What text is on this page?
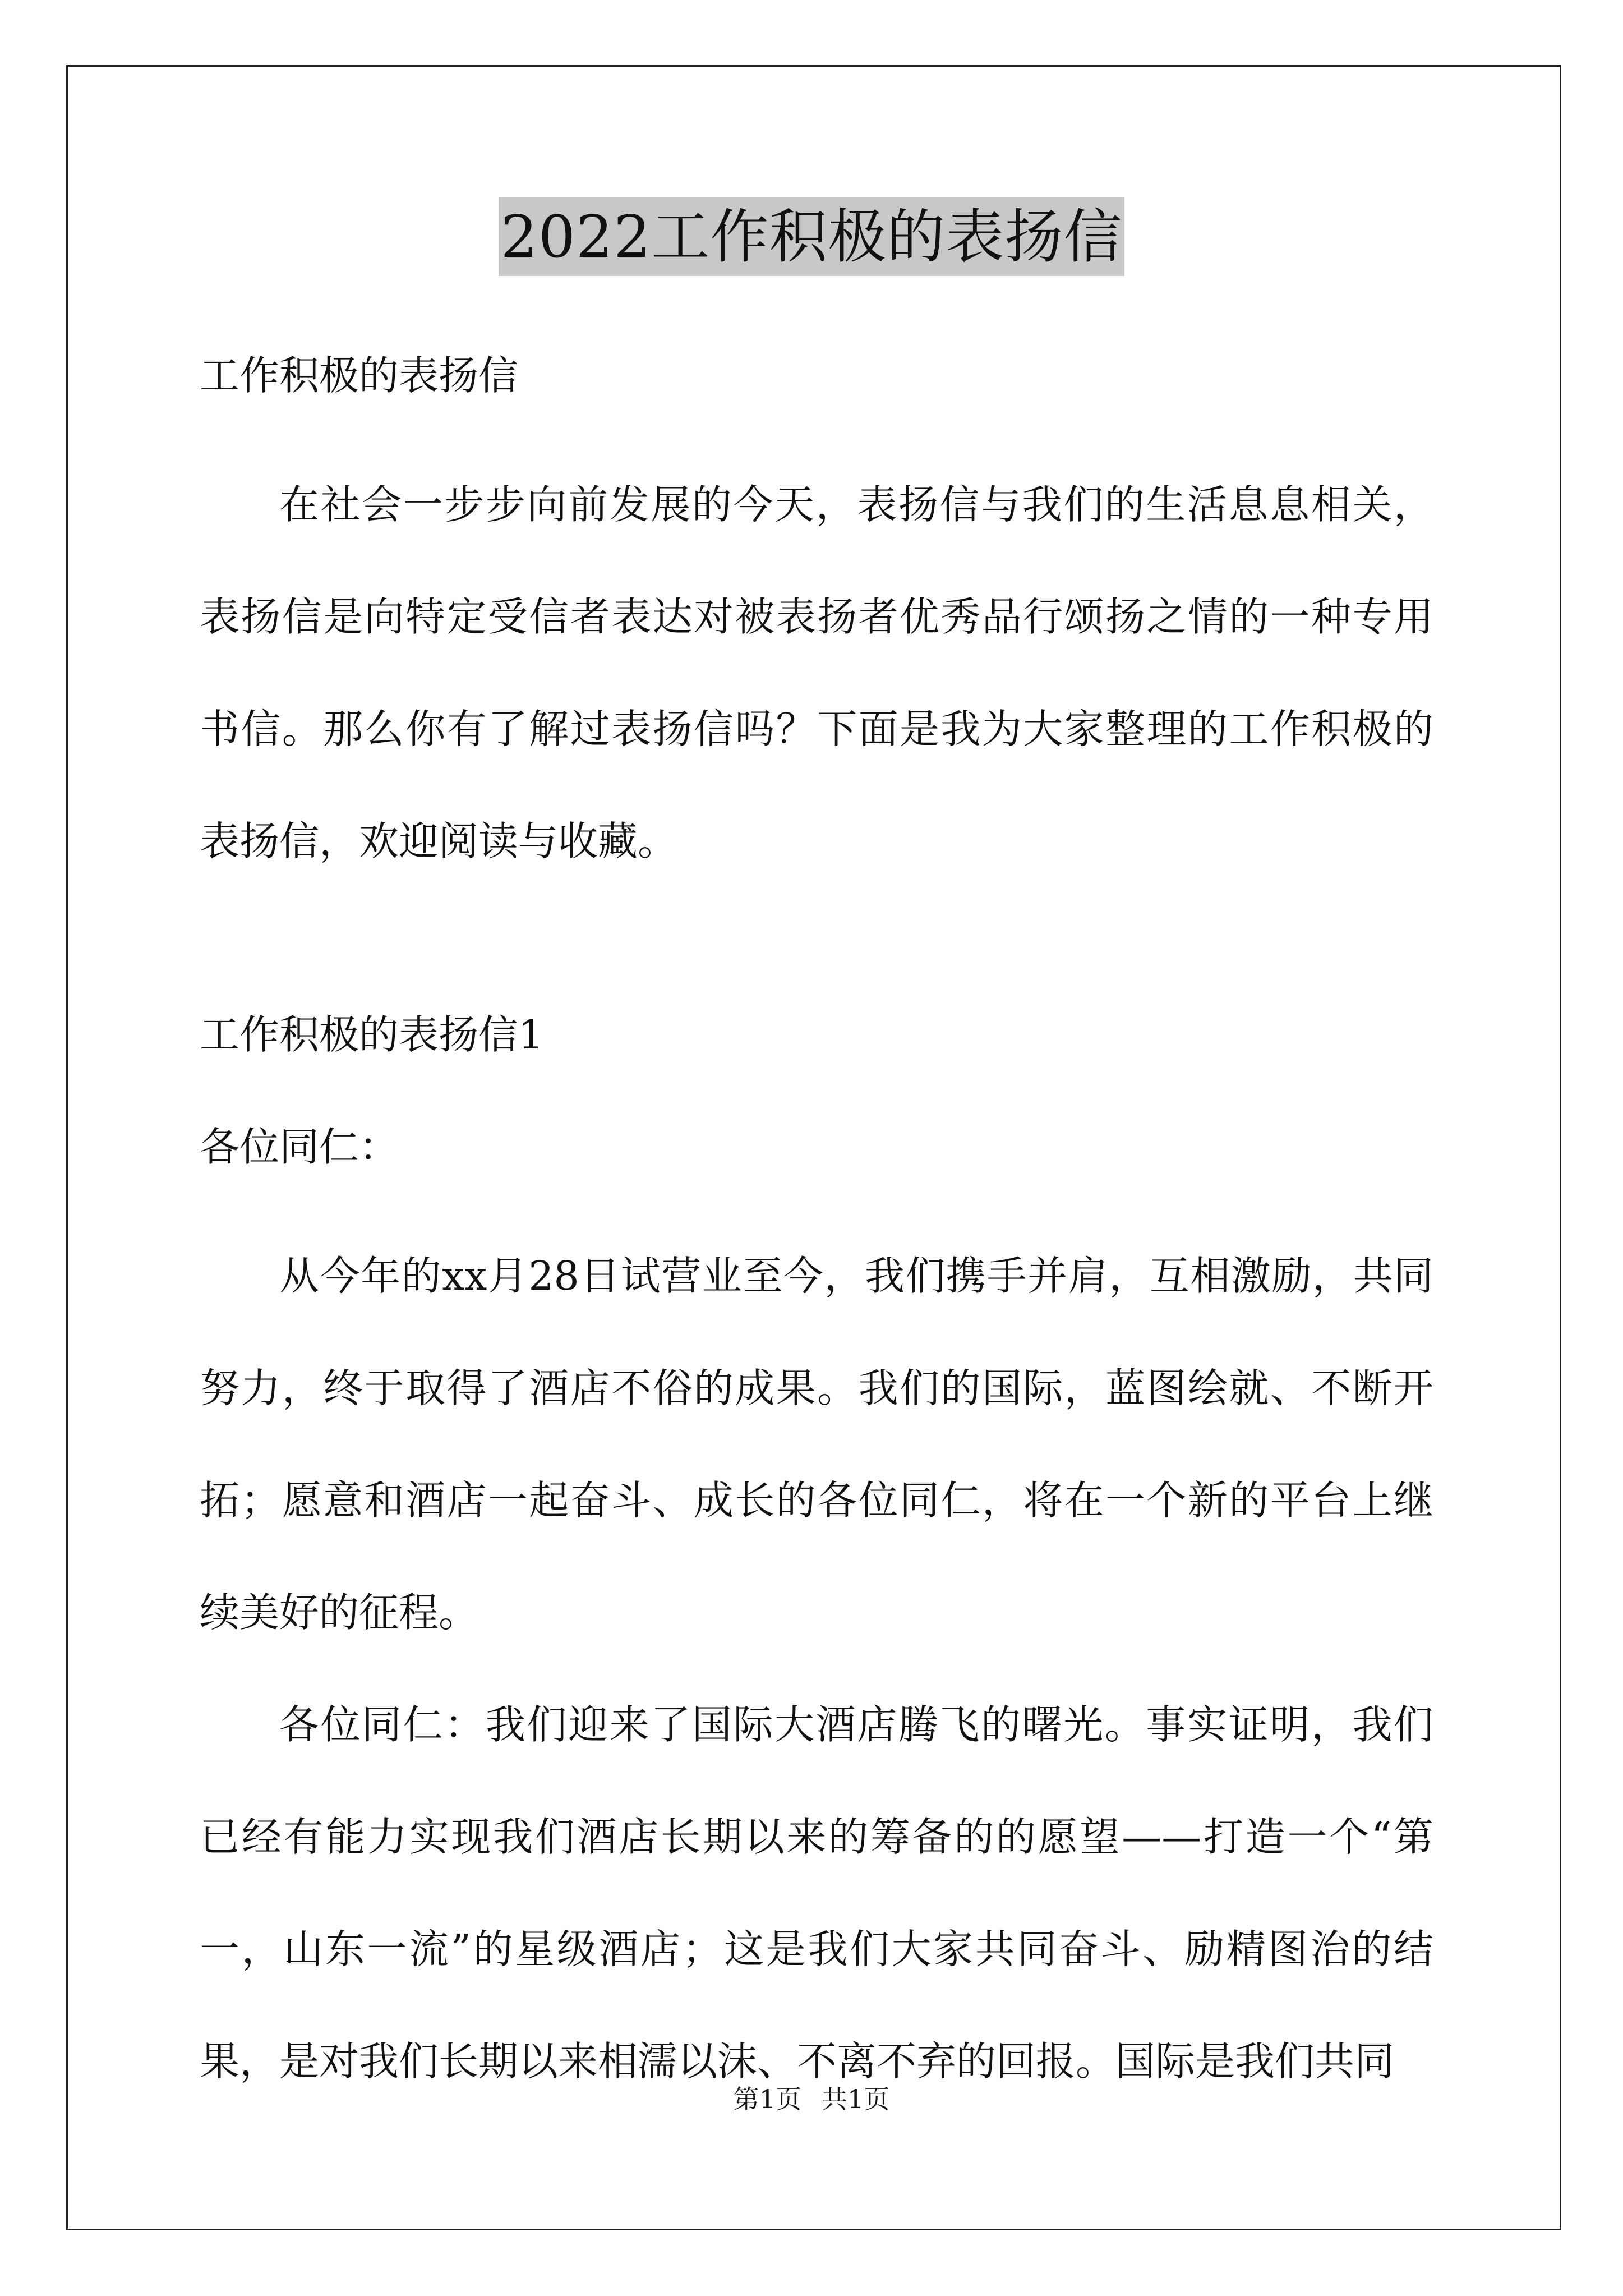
2022工作积极的表扬信
工作积极的表扬信

在社会一步步向前发展的今天，表扬信与我们的生活息息相关，表扬信是向特定受信者表达对被表扬者优秀品行颂扬之情的一种专用书信。那么你有了解过表扬信吗？下面是我为大家整理的工作积极的表扬信，欢迎阅读与收藏。

工作积极的表扬信1
各位同仁：

从今年的xx月28日试营业至今，我们携手并肩，互相激励，共同努力，终于取得了酒店不俗的成果。我们的国际，蓝图绘就、不断开拓；愿意和酒店一起奋斗、成长的各位同仁，将在一个新的平台上继续美好的征程。

各位同仁：我们迎来了国际大酒店腾飞的曙光。事实证明，我们已经有能力实现我们酒店长期以来的筹备的的愿望——打造一个“第一，山东一流”的星级酒店；这是我们大家共同奋斗、励精图治的结果，是对我们长期以来相濡以沫、不离不弃的回报。国际是我们共同

第1页 共1页
